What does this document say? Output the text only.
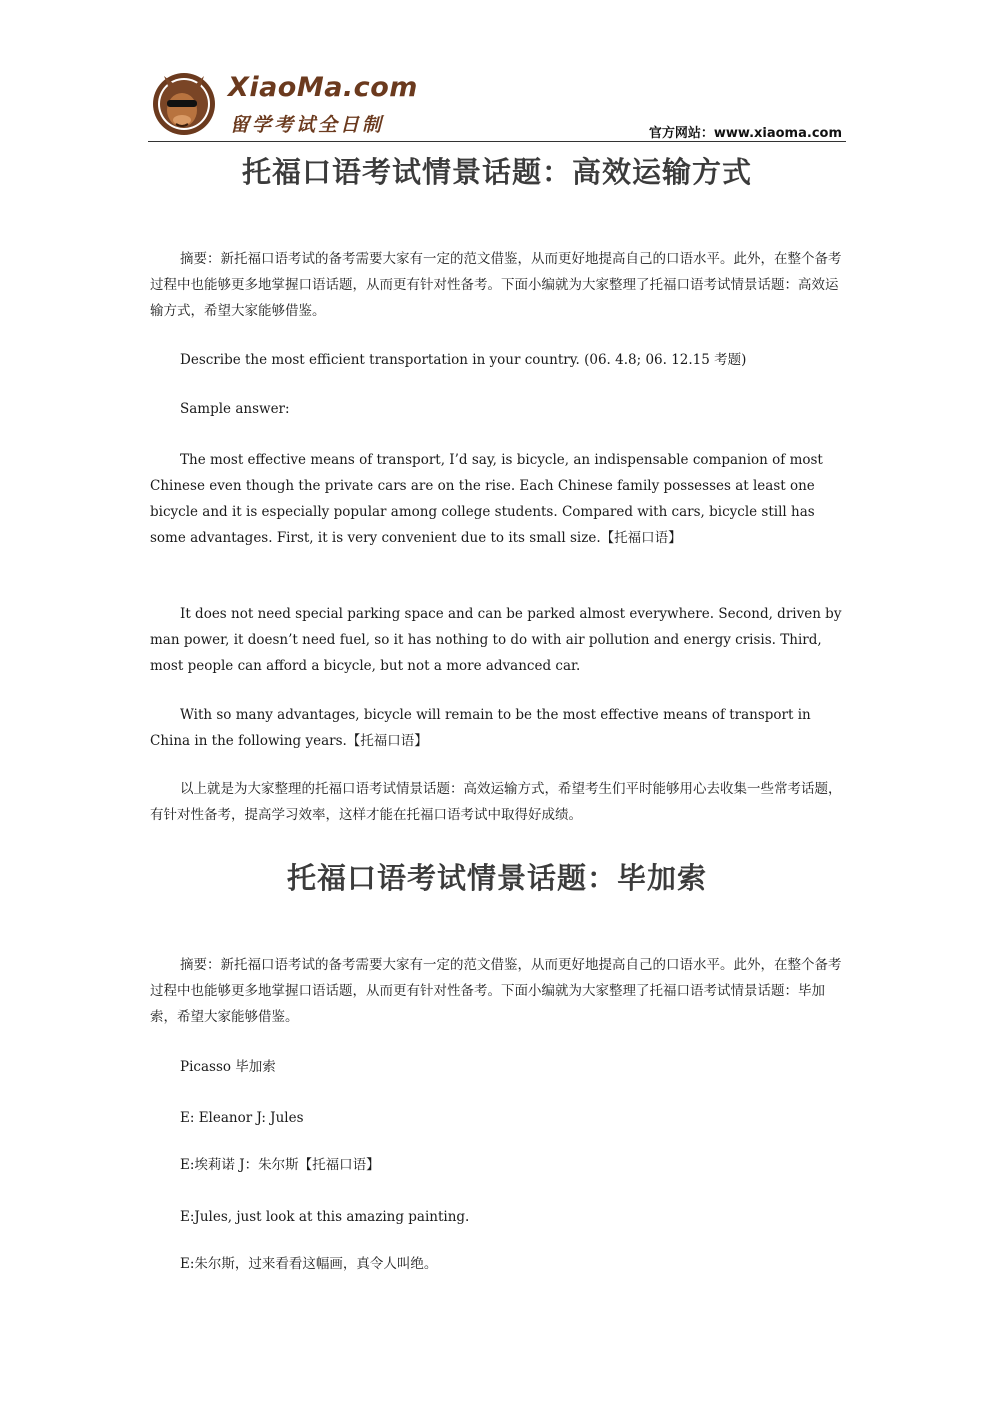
XiaoMa.com
留学考试全日制	官方网站：www.xiaoma.com
托福口语考试情景话题：高效运输方式

摘要：新托福口语考试的备考需要大家有一定的范文借鉴，从而更好地提高自己的口语水平。此外，在整个备考过程中也能够更多地掌握口语话题，从而更有针对性备考。下面小编就为大家整理了托福口语考试情景话题：高效运输方式，希望大家能够借鉴。

Describe the most efficient transportation in your country. (06. 4.8; 06. 12.15 考题)

Sample answer:

The most effective means of transport, I’d say, is bicycle, an indispensable companion of most Chinese even though the private cars are on the rise. Each Chinese family possesses at least one bicycle and it is especially popular among college students. Compared with cars, bicycle still has some advantages. First, it is very convenient due to its small size.【托福口语】

It does not need special parking space and can be parked almost everywhere. Second, driven by man power, it doesn’t need fuel, so it has nothing to do with air pollution and energy crisis. Third, most people can afford a bicycle, but not a more advanced car.

With so many advantages, bicycle will remain to be the most effective means of transport in China in the following years.【托福口语】

以上就是为大家整理的托福口语考试情景话题：高效运输方式，希望考生们平时能够用心去收集一些常考话题，有针对性备考，提高学习效率，这样才能在托福口语考试中取得好成绩。

托福口语考试情景话题：毕加索

摘要：新托福口语考试的备考需要大家有一定的范文借鉴，从而更好地提高自己的口语水平。此外，在整个备考过程中也能够更多地掌握口语话题，从而更有针对性备考。下面小编就为大家整理了托福口语考试情景话题：毕加索，希望大家能够借鉴。

Picasso 毕加索

E: Eleanor J: Jules

E:埃莉诺 J：朱尔斯【托福口语】

E:Jules, just look at this amazing painting.

E:朱尔斯，过来看看这幅画，真令人叫绝。
